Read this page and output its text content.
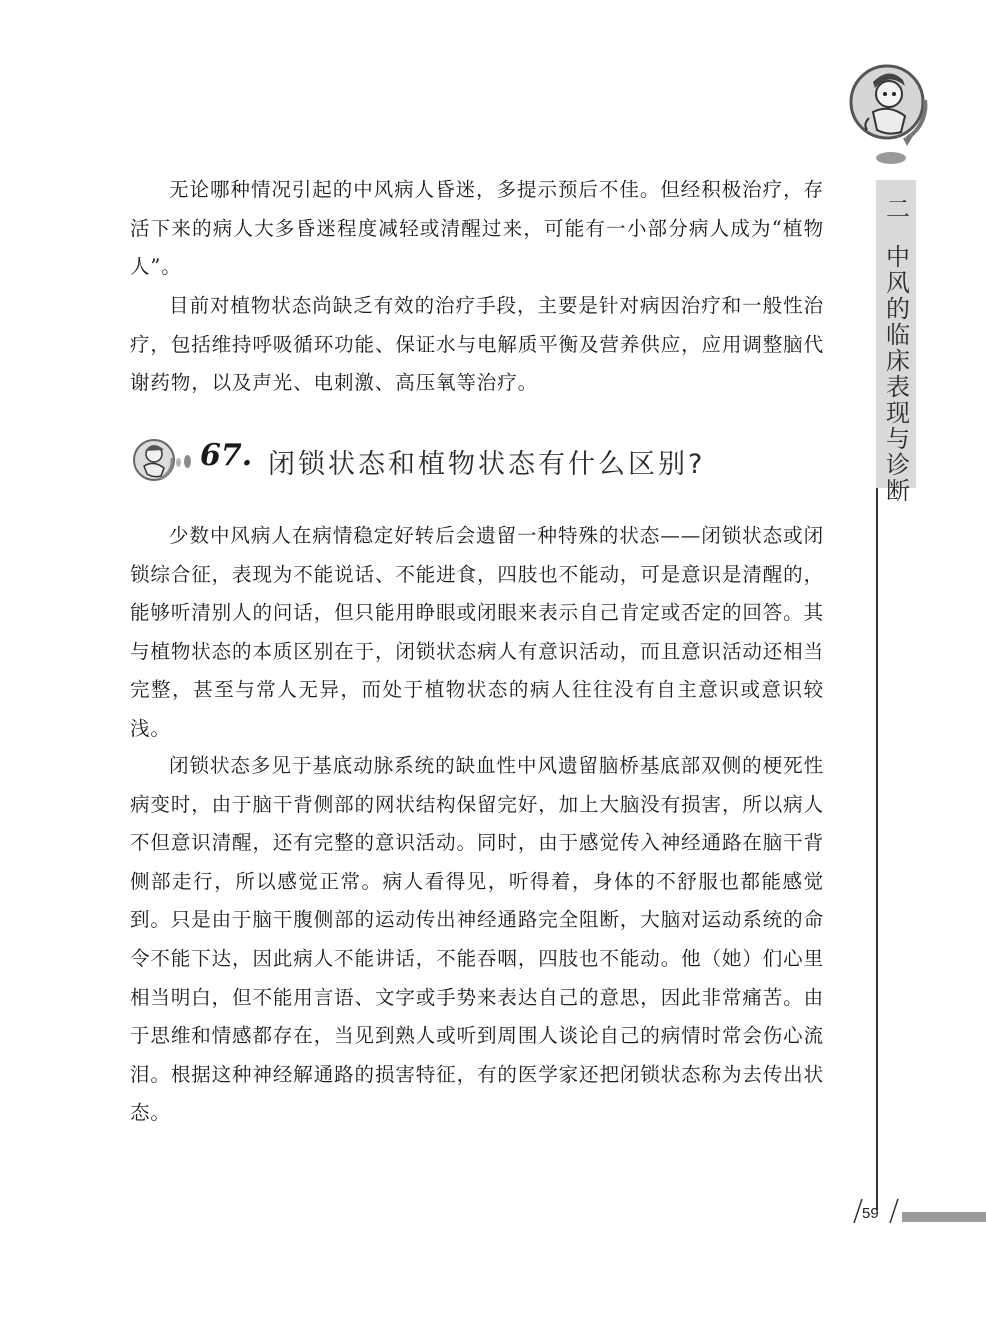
二
中风的临床表现与诊断

无论哪种情况引起的中风病人昏迷，多提示预后不佳。但经积极治疗，存活下来的病人大多昏迷程度减轻或清醒过来，可能有一小部分病人成为“植物人”。

目前对植物状态尚缺乏有效的治疗手段，主要是针对病因治疗和一般性治疗，包括维持呼吸循环功能、保证水与电解质平衡及营养供应，应用调整脑代谢药物，以及声光、电刺激、高压氧等治疗。

67. 闭锁状态和植物状态有什么区别?

少数中风病人在病情稳定好转后会遗留一种特殊的状态——闭锁状态或闭锁综合征，表现为不能说话、不能进食，四肢也不能动，可是意识是清醒的，能够听清别人的问话，但只能用睁眼或闭眼来表示自己肯定或否定的回答。其与植物状态的本质区别在于，闭锁状态病人有意识活动，而且意识活动还相当完整，甚至与常人无异，而处于植物状态的病人往往没有自主意识或意识较浅。

闭锁状态多见于基底动脉系统的缺血性中风遗留脑桥基底部双侧的梗死性病变时，由于脑干背侧部的网状结构保留完好，加上大脑没有损害，所以病人不但意识清醒，还有完整的意识活动。同时，由于感觉传入神经通路在脑干背侧部走行，所以感觉正常。病人看得见，听得着，身体的不舒服也都能感觉到。只是由于脑干腹侧部的运动传出神经通路完全阻断，大脑对运动系统的命令不能下达，因此病人不能讲话，不能吞咽，四肢也不能动。他（她）们心里相当明白，但不能用言语、文字或手势来表达自己的意思，因此非常痛苦。由于思维和情感都存在，当见到熟人或听到周围人谈论自己的病情时常会伤心流泪。根据这种神经解通路的损害特征，有的医学家还把闭锁状态称为去传出状态。

59
